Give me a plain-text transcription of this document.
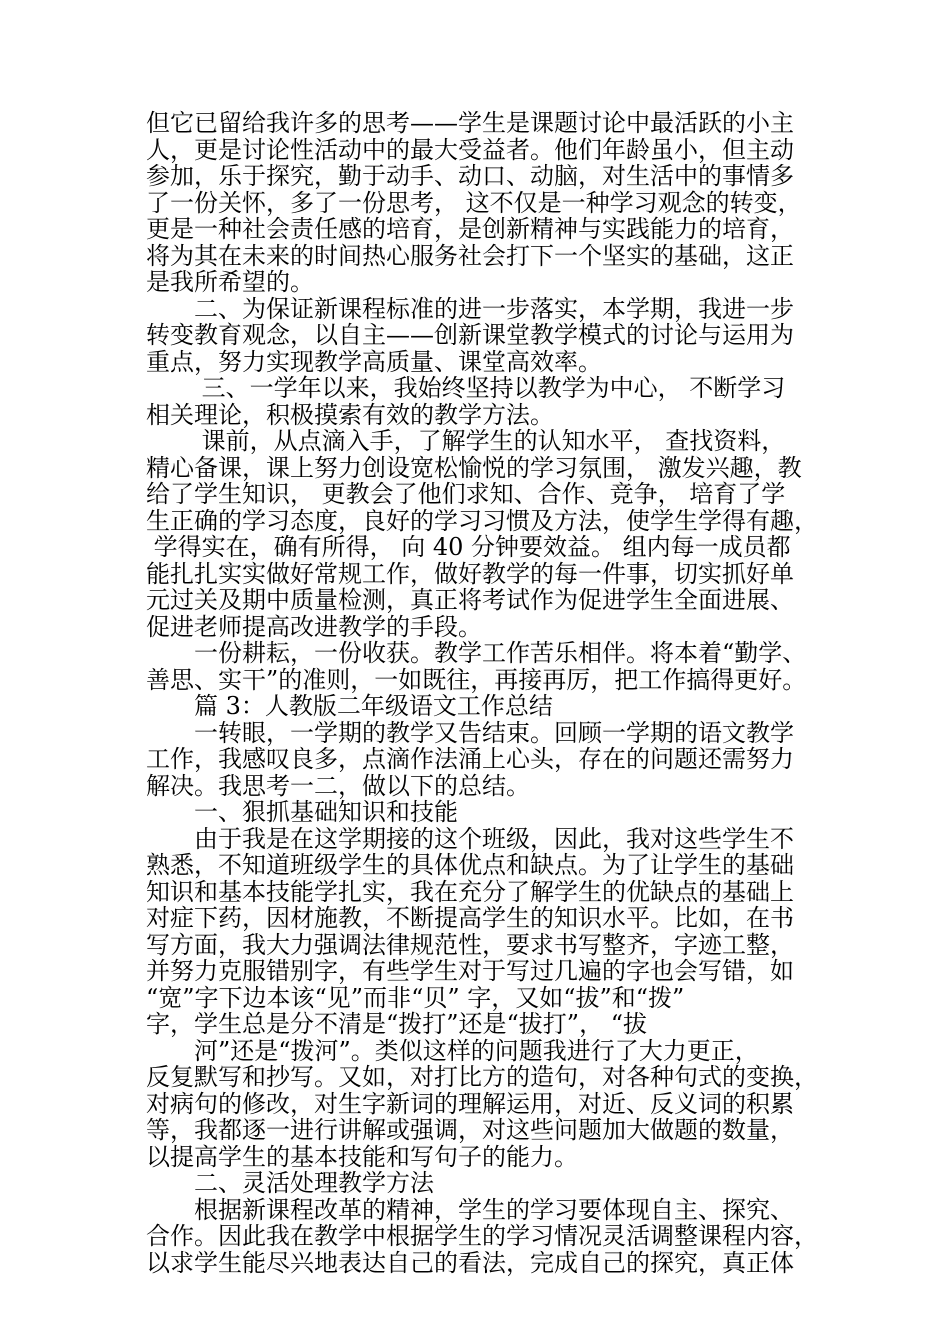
但它已留给我许多的思考——学生是课题讨论中最活跃的小主
人，更是讨论性活动中的最大受益者。他们年龄虽小，但主动
参加，乐于探究，勤于动手、动口、动脑，对生活中的事情多
了一份关怀，多了一份思考， 这不仅是一种学习观念的转变，
更是一种社会责任感的培育，是创新精神与实践能力的培育，
将为其在未来的时间热心服务社会打下一个坚实的基础，这正
是我所希望的。
　　二、为保证新课程标准的进一步落实，本学期，我进一步
转变教育观念，以自主——创新课堂教学模式的讨论与运用为
重点，努力实现教学高质量、课堂高效率。
　　 三、一学年以来，我始终坚持以教学为中心， 不断学习
相关理论，积极摸索有效的教学方法。
　　 课前，从点滴入手，了解学生的认知水平， 查找资料，
精心备课，课上努力创设宽松愉悦的学习氛围， 激发兴趣，教
给了学生知识， 更教会了他们求知、合作、竞争， 培育了学
生正确的学习态度，良好的学习习惯及方法，使学生学得有趣，
学得实在，确有所得， 向 40 分钟要效益。 组内每一成员都
能扎扎实实做好常规工作，做好教学的每一件事，切实抓好单
元过关及期中质量检测，真正将考试作为促进学生全面进展、
促进老师提高改进教学的手段。
　　一份耕耘，一份收获。教学工作苦乐相伴。将本着“勤学、
善思、实干”的准则，一如既往，再接再厉，把工作搞得更好。
　　篇 3：人教版二年级语文工作总结
　　一转眼，一学期的教学又告结束。回顾一学期的语文教学
工作，我感叹良多，点滴作法涌上心头，存在的问题还需努力
解决。我思考一二，做以下的总结。
　　一、狠抓基础知识和技能
　　由于我是在这学期接的这个班级，因此，我对这些学生不
熟悉，不知道班级学生的具体优点和缺点。为了让学生的基础
知识和基本技能学扎实，我在充分了解学生的优缺点的基础上
对症下药，因材施教，不断提高学生的知识水平。比如，在书
写方面，我大力强调法律规范性，要求书写整齐，字迹工整，
并努力克服错别字，有些学生对于写过几遍的字也会写错，如
“宽”字下边本该“见”而非“贝” 字，又如“拔”和“拨”
字，学生总是分不清是“拨打”还是“拔打”， “拔
　　河”还是“拨河”。类似这样的问题我进行了大力更正，
反复默写和抄写。又如，对打比方的造句，对各种句式的变换，
对病句的修改，对生字新词的理解运用，对近、反义词的积累
等，我都逐一进行讲解或强调，对这些问题加大做题的数量，
以提高学生的基本技能和写句子的能力。
　　二、灵活处理教学方法
　　根据新课程改革的精神，学生的学习要体现自主、探究、
合作。因此我在教学中根据学生的学习情况灵活调整课程内容，
以求学生能尽兴地表达自己的看法，完成自己的探究，真正体
